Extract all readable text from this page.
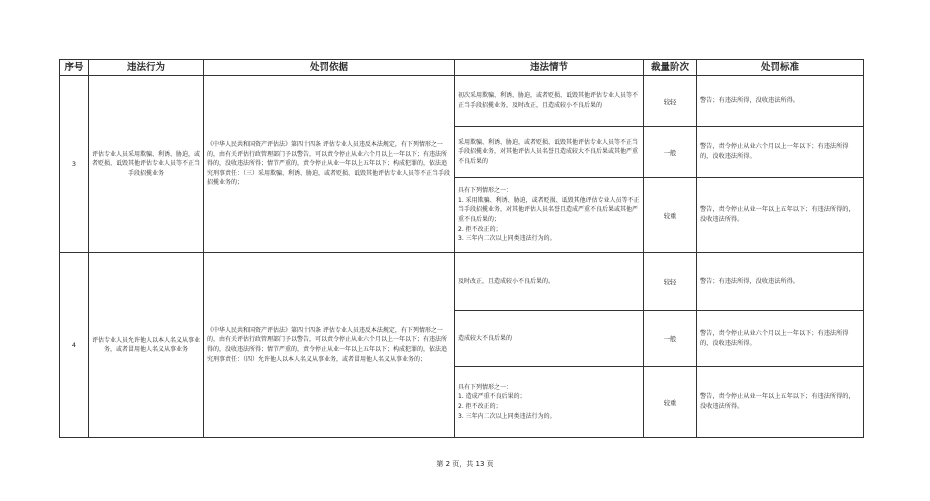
序号	违法行为	处罚依据	违法情节	裁量阶次	处罚标准
3	评估专业人员采用欺骗、利诱、胁迫，或者贬损、诋毁其他评估专业人员等不正当手段招揽业务	《中华人民共和国资产评估法》第四十四条 评估专业人员违反本法规定，有下列情形之一的，由有关评估行政管理部门予以警告，可以责令停止从业六个月以上一年以下；有违法所得的，没收违法所得；情节严重的，责令停止从业一年以上五年以下；构成犯罪的，依法追究刑事责任：（三）采用欺骗、利诱、胁迫，或者贬损、诋毁其他评估专业人员等不正当手段招揽业务的；	初次采用欺骗、利诱、胁迫，或者贬损、诋毁其他评估专业人员等不正当手段招揽业务，及时改正，且造成较小不良后果的	较轻	警告；有违法所得，没收违法所得。
			采用欺骗、利诱、胁迫，或者贬损、诋毁其他评估专业人员等不正当手段招揽业务，对其他评估人员名誉且造成较大不良后果或其他严重不良后果的	一般	警告，责令停止从业六个月以上一年以下；有违法所得的，没收违法所得。
			具有下列情形之一：
1. 采用欺骗、利诱、胁迫，或者贬损、诋毁其他评估专业人员等不正当手段招揽业务，对其他评估人员名誉且造成严重不良后果或其他严重不良后果的；
2. 拒不改正的；
3. 三年内二次以上同类违法行为的。	较重	警告，责令停止从业一年以上五年以下；有违法所得的，没收违法所得。
4	评估专业人员允许他人以本人名义从事业务，或者冒用他人名义从事业务	《中华人民共和国资产评估法》第四十四条 评估专业人员违反本法规定，有下列情形之一的，由有关评估行政管理部门予以警告，可以责令停止从业六个月以上一年以下；有违法所得的，没收违法所得；情节严重的，责令停止从业一年以上五年以下；构成犯罪的，依法追究刑事责任：（四）允许他人以本人名义从事业务，或者冒用他人名义从事业务的；	及时改正，且造成较小不良后果的。	较轻	警告；有违法所得，没收违法所得。
			造成较大不良后果的	一般	警告，责令停止从业六个月以上一年以下；有违法所得的，没收违法所得。
			具有下列情形之一：
1. 造成严重不良后果的；
2. 拒不改正的；
3. 三年内二次以上同类违法行为的。	较重	警告，责令停止从业一年以上五年以下；有违法所得的，没收违法所得。
第 2 页，共 13 页
